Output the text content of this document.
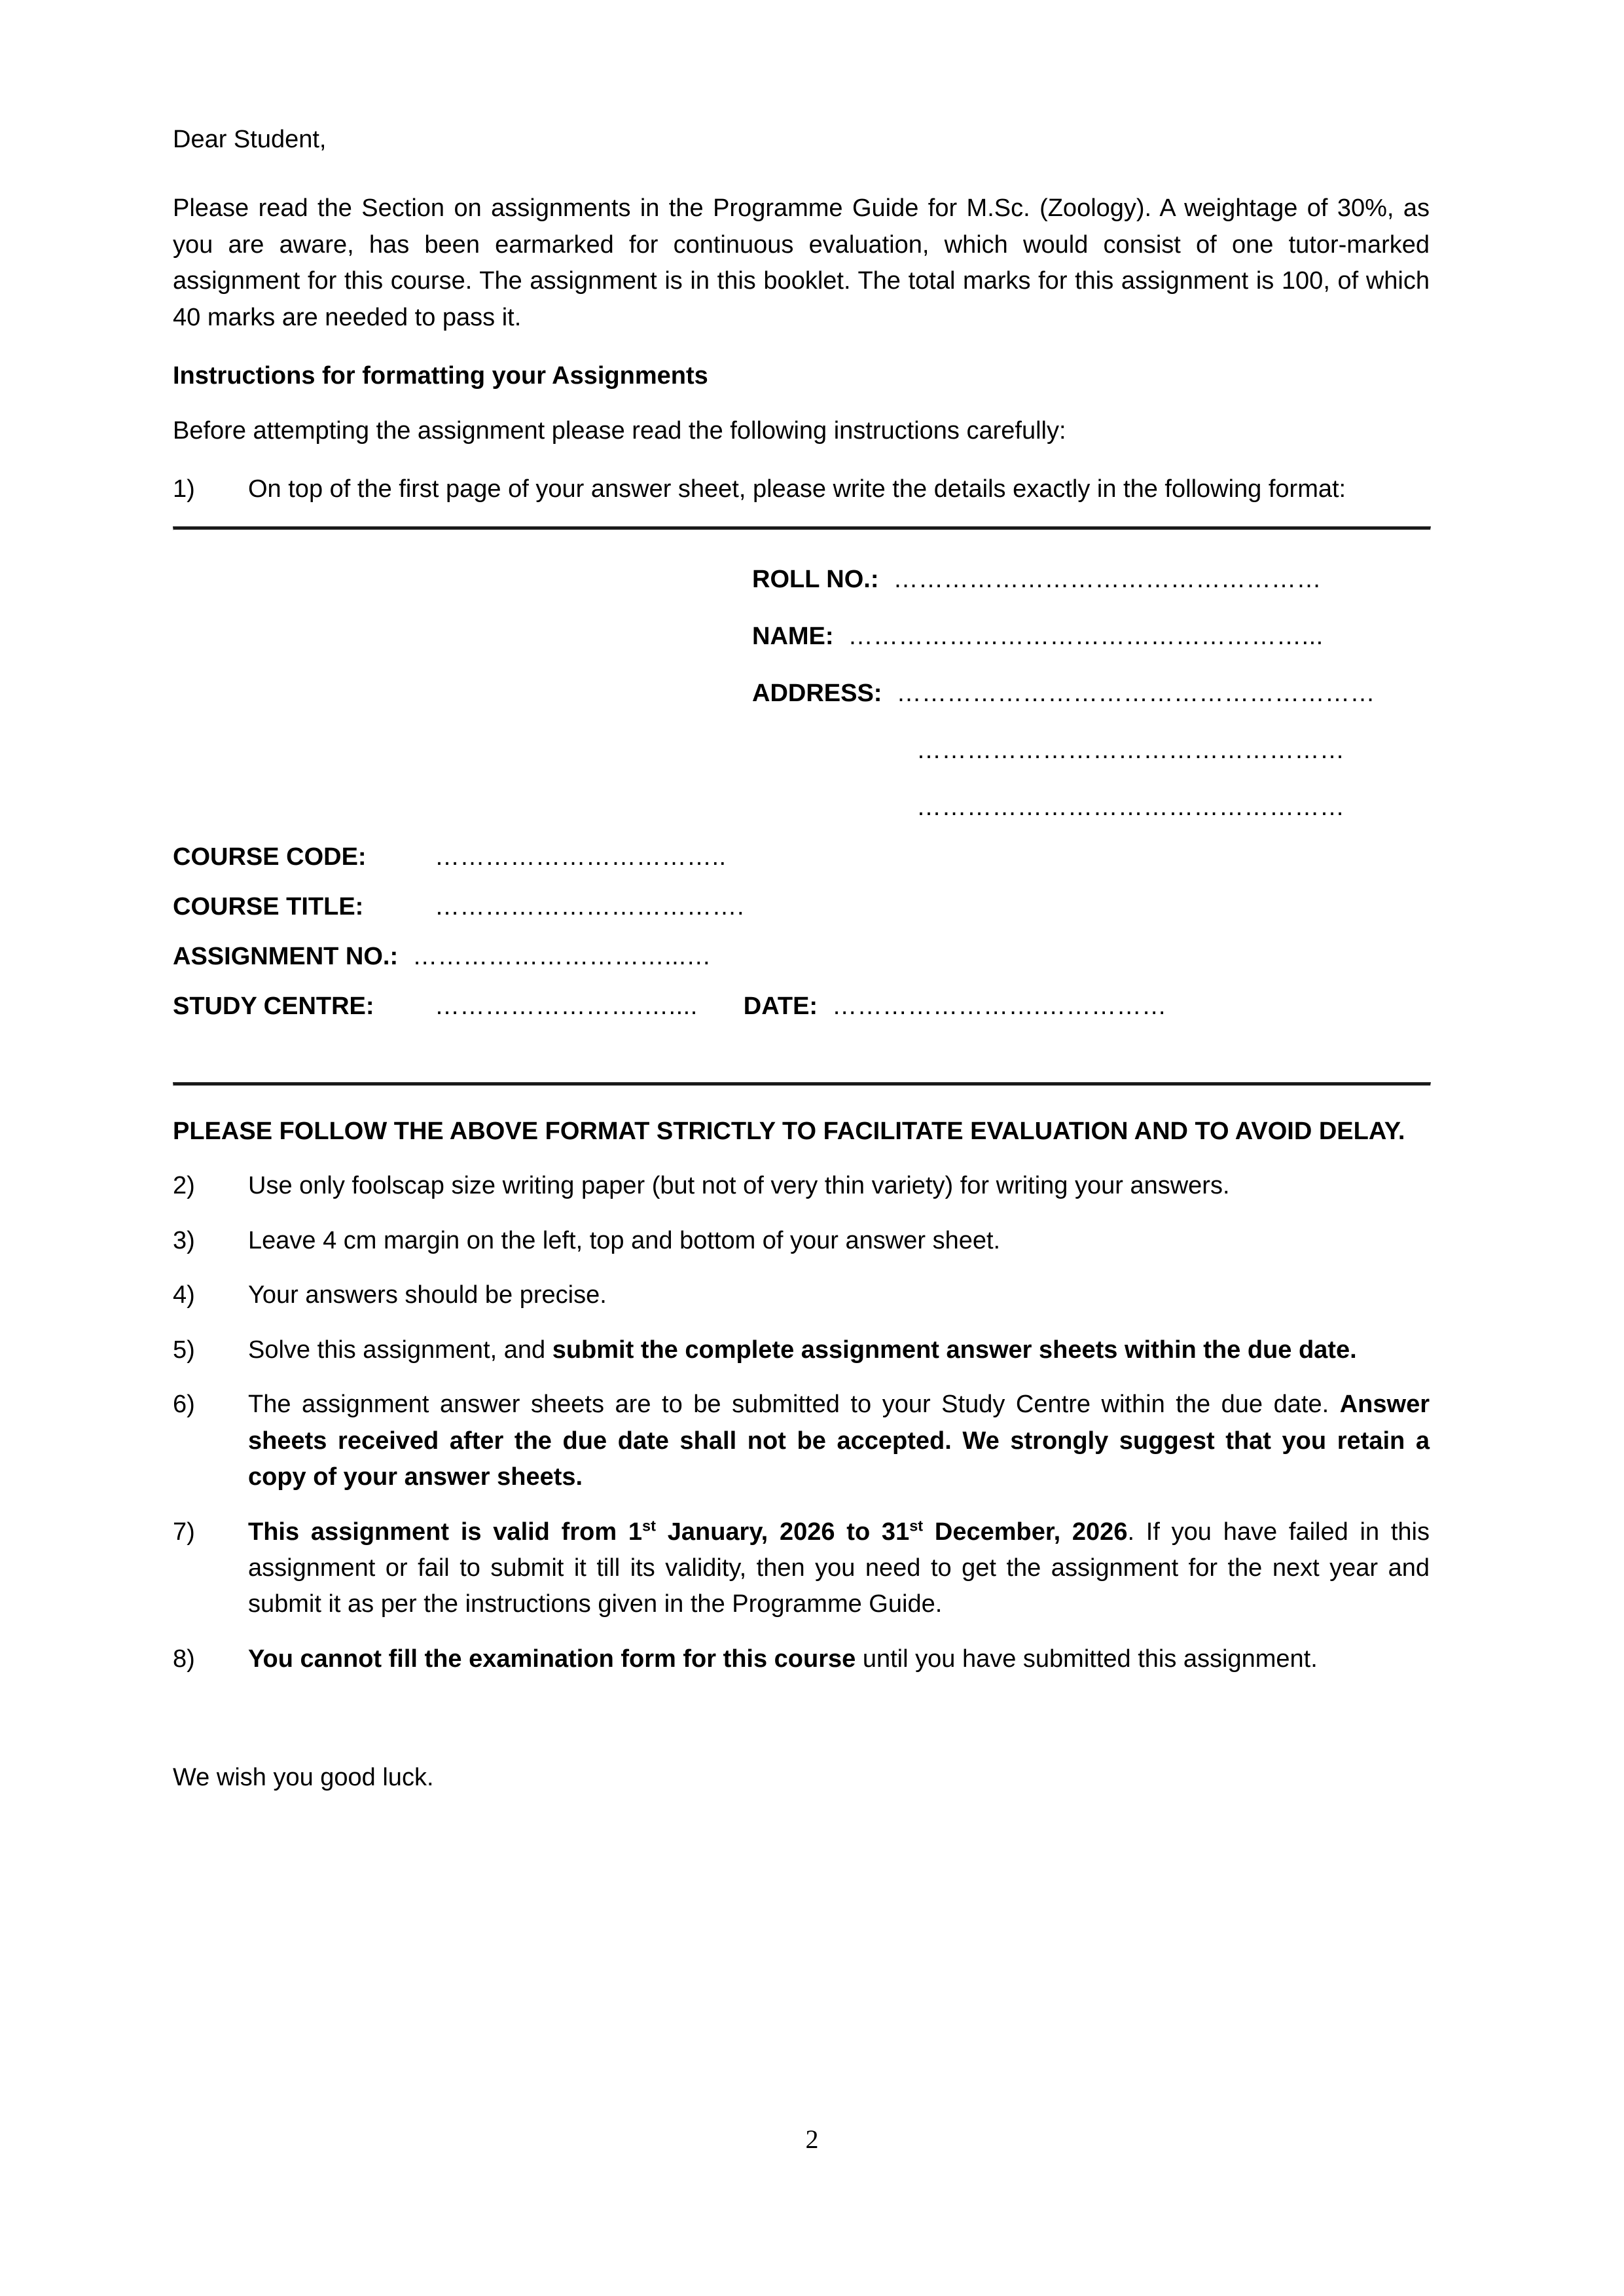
Dear Student,

Please read the Section on assignments in the Programme Guide for M.Sc. (Zoology). A weightage of 30%, as you are aware, has been earmarked for continuous evaluation, which would consist of one tutor-marked assignment for this course. The assignment is in this booklet. The total marks for this assignment is 100, of which 40 marks are needed to pass it.

Instructions for formatting your Assignments

Before attempting the assignment please read the following instructions carefully:

1)	On top of the first page of your answer sheet, please write the details exactly in the following format:
ROLL NO.: ……………………………………………
NAME: ………………………………………………...
ADDRESS: …………………………………………………
……………………………………………
……………………………………………
COURSE CODE:	……………………………..
COURSE TITLE:	……………………………….
ASSIGNMENT NO.: …………………………...…
STUDY CENTRE:	…………………….….... DATE: …………………….……………

PLEASE FOLLOW THE ABOVE FORMAT STRICTLY TO FACILITATE EVALUATION AND TO AVOID DELAY.

2)	Use only foolscap size writing paper (but not of very thin variety) for writing your answers.
3)	Leave 4 cm margin on the left, top and bottom of your answer sheet.
4)	Your answers should be precise.
5)	Solve this assignment, and submit the complete assignment answer sheets within the due date.
6)	The assignment answer sheets are to be submitted to your Study Centre within the due date. Answer sheets received after the due date shall not be accepted. We strongly suggest that you retain a copy of your answer sheets.
7)	This assignment is valid from 1st January, 2026 to 31st December, 2026. If you have failed in this assignment or fail to submit it till its validity, then you need to get the assignment for the next year and submit it as per the instructions given in the Programme Guide.
8)	You cannot fill the examination form for this course until you have submitted this assignment.

We wish you good luck.

2
